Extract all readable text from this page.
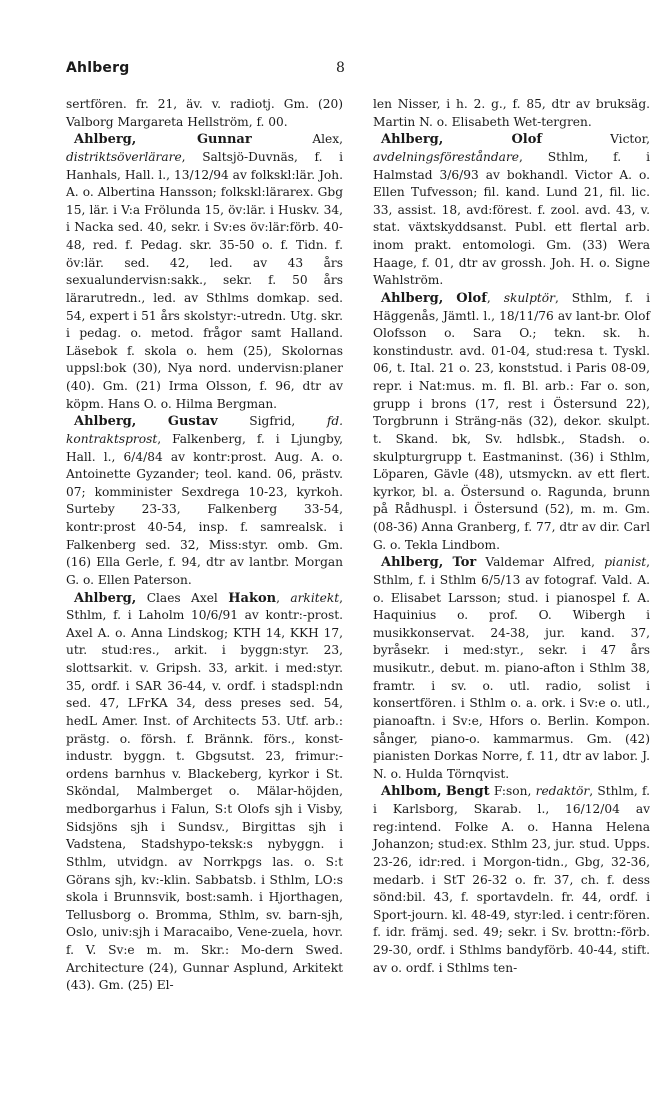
Ahlberg	8

sertfören. fr. 21, äv. v. radiotj. Gm. (20) Valborg Margareta Hellström, f. 00.

Ahlberg,	Gunnar Alex, distriktsöverlärare, Saltsjö-Duvnäs, f. i Hanhals, Hall. l., 13/12/94 av folkskl:lär. Joh. A. o. Albertina Hansson; folkskl:lärarex. Gbg 15, lär. i V:a Frölunda 15, öv:lär. i Huskv. 34, i Nacka sed. 40, sekr. i Sv:es öv:lär:förb. 40-48, red. f. Pedag. skr. 35-50 o. f. Tidn. f. öv:lär. sed. 42, led. av 43 års sexualundervisn:sakk., sekr. f. 50 års lärarutredn., led. av Sthlms domkap. sed. 54, expert i 51 års skolstyr:-utredn. Utg. skr. i pedag. o. metod. frågor samt Halland. Läsebok f. skola o. hem (25), Skolornas uppsl:bok (30), Nya nord. undervisn:planer (40). Gm. (21) Irma Olsson, f. 96, dtr av köpm. Hans O. o. Hilma Bergman.

Ahlberg, Gustav Sigfrid, fd. kontraktsprost, Falkenberg, f. i Ljungby, Hall. l., 6/4/84 av kontr:prost. Aug. A. o. Antoinette Gyzander; teol. kand. 06, prästv. 07; komminister Sexdrega 10-23, kyrkoh. Surteby 23-33, Falkenberg 33-54, kontr:prost 40-54, insp. f. samrealsk. i Falkenberg sed. 32, Miss:styr. omb. Gm. (16) Ella Gerle, f. 94, dtr av lantbr. Morgan G. o. Ellen Paterson.

Ahlberg, Claes Axel Hakon, arkitekt, Sthlm, f. i Laholm 10/6/91 av kontr:-prost. Axel A. o. Anna Lindskog; KTH 14, KKH 17, utr. stud:res., arkit. i byggn:styr. 23, slottsarkit. v. Gripsh. 33, arkit. i med:styr. 35, ordf. i SAR 36-44, v. ordf. i stadspl:ndn sed. 47, LFrKA 34, dess preses sed. 54, hedL Amer. Inst. of Architects 53. Utf. arb.: prästg. o. försh. f. Brännk. förs., konst-industr. byggn. t. Gbgsutst. 23, frimur:-ordens barnhus v. Blackeberg, kyrkor i St. Sköndal, Malmberget o. Mälar-höjden, medborgarhus i Falun, S:t Olofs sjh i Visby, Sidsjöns sjh i Sundsv., Birgittas sjh i Vadstena, Stadshypo-teksk:s nybyggn. i Sthlm, utvidgn. av Norrkpgs las. o. S:t Görans sjh, kv:-klin. Sabbatsb. i Sthlm, LO:s skola i Brunnsvik, bost:samh. i Hjorthagen, Tellusborg o. Bromma, Sthlm, sv. barn-sjh, Oslo, univ:sjh i Maracaibo, Vene-zuela, hovr. f. V. Sv:e m. m. Skr.: Mo-dern Swed. Architecture (24), Gunnar Asplund, Arkitekt (43). Gm. (25) El-

len Nisser, i h. 2. g., f. 85, dtr av bruksäg. Martin N. o. Elisabeth Wet-tergren.

Ahlberg,	Olof Victor, avdelningsföreståndare, Sthlm, f. i Halmstad 3/6/93 av bokhandl. Victor A. o. Ellen Tufvesson; fil. kand. Lund 21, fil. lic. 33, assist. 18, avd:förest. f. zool. avd. 43, v. stat. växtskyddsanst. Publ. ett flertal arb. inom prakt. entomologi. Gm. (33) Wera Haage, f. 01, dtr av grossh. Joh. H. o. Signe Wahlström.

Ahlberg, Olof, skulptör, Sthlm, f. i Häggenås, Jämtl. l., 18/11/76 av lant-br. Olof Olofsson o. Sara O.; tekn. sk. h. konstindustr. avd. 01-04, stud:resa t. Tyskl. 06, t. Ital. 21 o. 23, konststud. i Paris 08-09, repr. i Nat:mus. m. fl. Bl. arb.: Far o. son, grupp i brons (17, rest i Östersund 22), Torgbrunn i Sträng-näs (32), dekor. skulpt. t. Skand. bk, Sv. hdlsbk., Stadsh. o. skulpturgrupp t. Eastmaninst. (36) i Sthlm, Löparen, Gävle (48), utsmyckn. av ett flert. kyrkor, bl. a. Östersund o. Ragunda, brunn på Rådhuspl. i Östersund (52), m. m. Gm. (08-36) Anna Granberg, f. 77, dtr av dir. Carl G. o. Tekla Lindbom.

Ahlberg, Tor Valdemar Alfred, pianist, Sthlm, f. i Sthlm 6/5/13 av fotograf. Vald. A. o. Elisabet Larsson; stud. i pianospel f. A. Haquinius o. prof. O. Wibergh i musikkonservat. 24-38, jur. kand. 37, byråsekr. i med:styr., sekr. i 47 års musikutr., debut. m. piano-afton i Sthlm 38, framtr. i sv. o. utl. radio, solist i konsertfören. i Sthlm o. a. ork. i Sv:e o. utl., pianoaftn. i Sv:e, Hfors o. Berlin. Kompon. sånger, piano-o. kammarmus. Gm. (42) pianisten Dorkas Norre, f. 11, dtr av labor. J. N. o. Hulda Törnqvist.

Ahlbom, Bengt F:son, redaktör, Sthlm, f. i Karlsborg, Skarab. l., 16/12/04 av reg:intend. Folke A. o. Hanna Helena Johanzon; stud:ex. Sthlm 23, jur. stud. Upps. 23-26, idr:red. i Morgon-tidn., Gbg, 32-36, medarb. i StT 26-32 o. fr. 37, ch. f. dess sönd:bil. 43, f. sportavdeln. fr. 44, ordf. i Sport-journ. kl. 48-49, styr:led. i centr:fören. f. idr. främj. sed. 49; sekr. i Sv. brottn:-förb. 29-30, ordf. i Sthlms bandyförb. 40-44, stift. av o. ordf. i Sthlms ten-
